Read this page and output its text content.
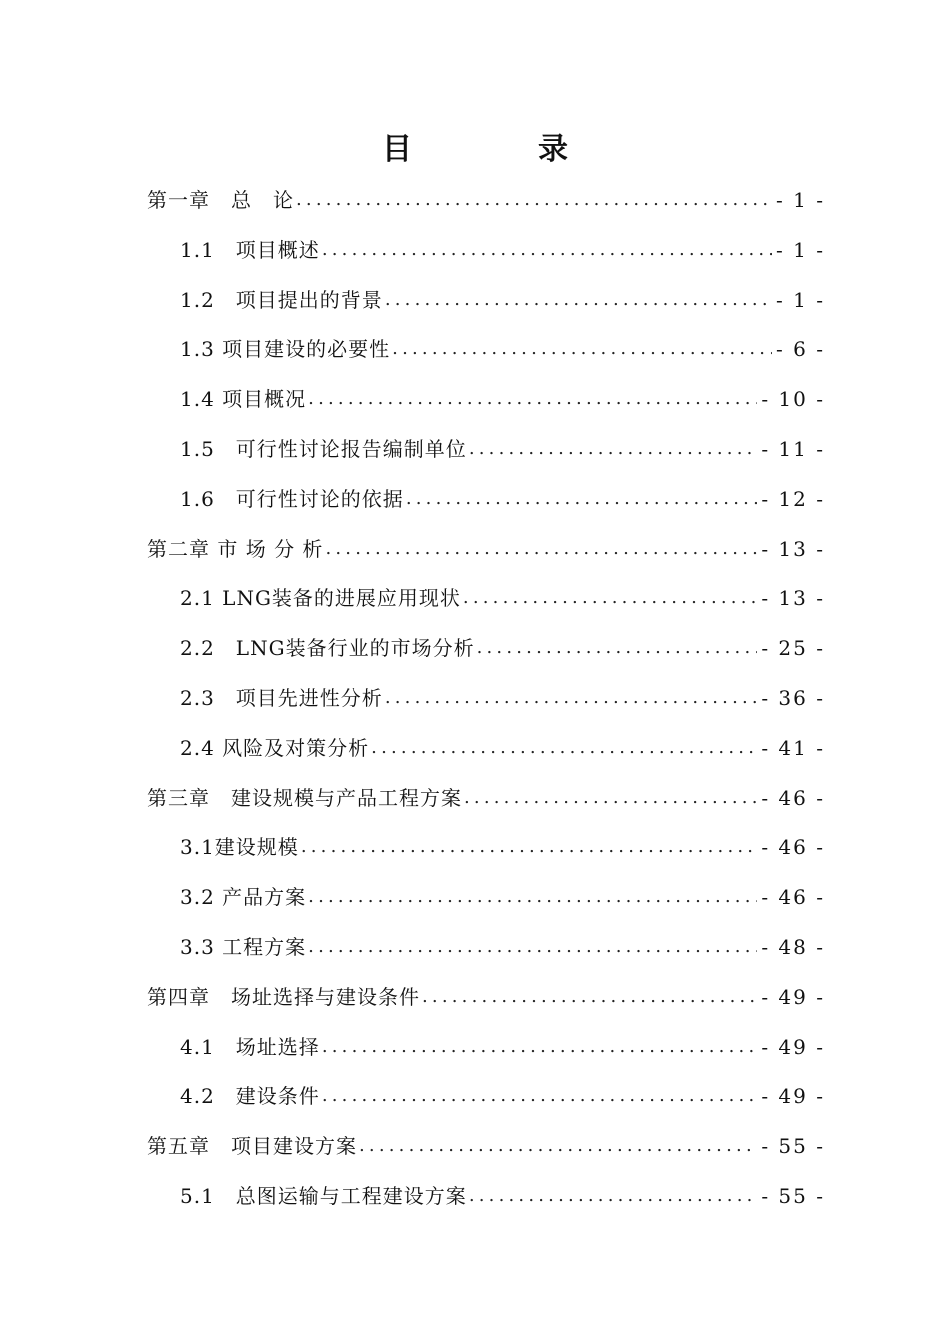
目　录
第一章　总　论 .....	- 1 -
1.1　项目概述 .....	- 1 -
1.2　项目提出的背景 .....	- 1 -
1.3 项目建设的必要性 .....	- 6 -
1.4 项目概况 .....	- 10 -
1.5　可行性讨论报告编制单位 .....	- 11 -
1.6　可行性讨论的依据 .....	- 12 -
第二章 市 场 分 析 .....	- 13 -
2.1 LNG装备的进展应用现状 .....	- 13 -
2.2　LNG装备行业的市场分析 .....	- 25 -
2.3　项目先进性分析 .....	- 36 -
2.4 风险及对策分析 .....	- 41 -
第三章　建设规模与产品工程方案 .....	- 46 -
3.1建设规模 .....	- 46 -
3.2 产品方案 .....	- 46 -
3.3 工程方案 .....	- 48 -
第四章　场址选择与建设条件 .....	- 49 -
4.1　场址选择 .....	- 49 -
4.2　建设条件 .....	- 49 -
第五章　项目建设方案 .....	- 55 -
5.1　总图运输与工程建设方案 .....	- 55 -
